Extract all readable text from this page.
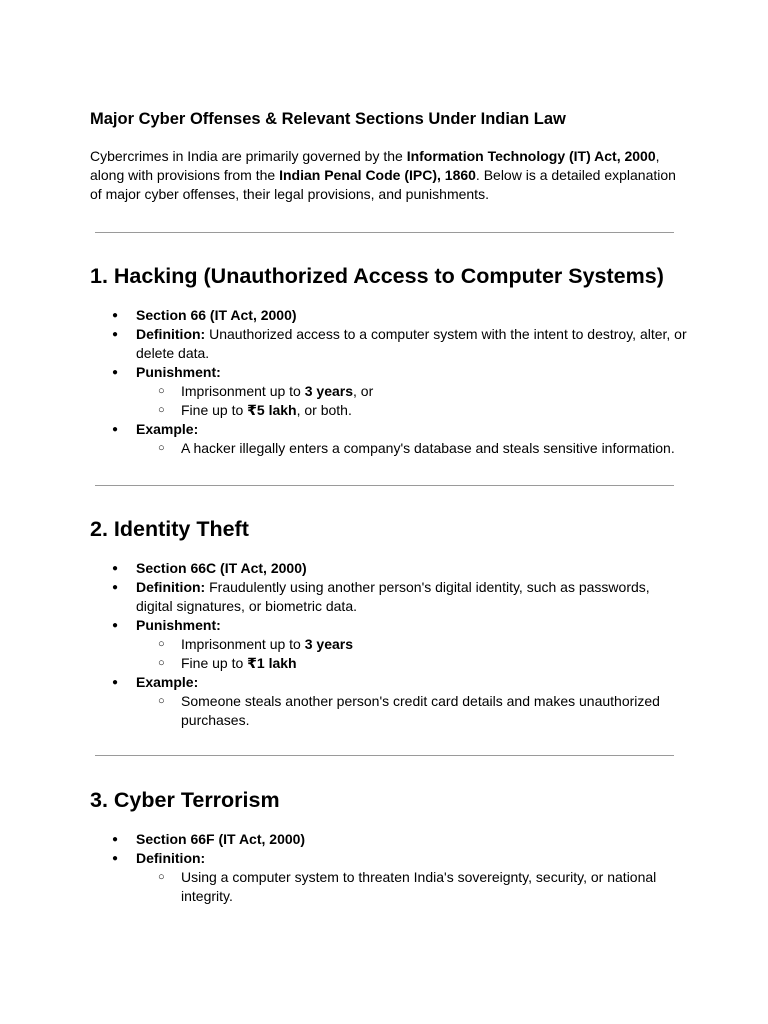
Major Cyber Offenses & Relevant Sections Under Indian Law

Cybercrimes in India are primarily governed by the Information Technology (IT) Act, 2000, along with provisions from the Indian Penal Code (IPC), 1860. Below is a detailed explanation of major cyber offenses, their legal provisions, and punishments.

1. Hacking (Unauthorized Access to Computer Systems)
● Section 66 (IT Act, 2000)
● Definition: Unauthorized access to a computer system with the intent to destroy, alter, or delete data.
● Punishment:
○ Imprisonment up to 3 years, or
○ Fine up to ₹5 lakh, or both.
● Example:
○ A hacker illegally enters a company's database and steals sensitive information.
2. Identity Theft
● Section 66C (IT Act, 2000)
● Definition: Fraudulently using another person's digital identity, such as passwords, digital signatures, or biometric data.
● Punishment:
○ Imprisonment up to 3 years
○ Fine up to ₹1 lakh
● Example:
○ Someone steals another person's credit card details and makes unauthorized purchases.
3. Cyber Terrorism
● Section 66F (IT Act, 2000)
● Definition:
○ Using a computer system to threaten India's sovereignty, security, or national integrity.
